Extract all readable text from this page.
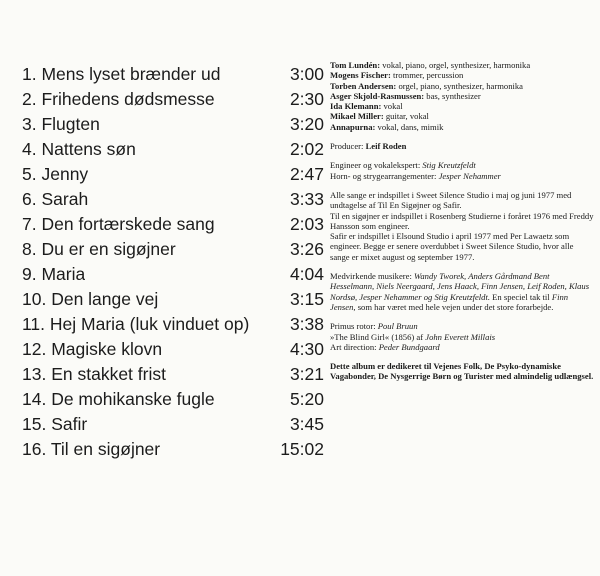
1. Mens lyset brænder ud	3:00
2. Frihedens dødsmesse	2:30
3. Flugten	3:20
4. Nattens søn	2:02
5. Jenny	2:47
6. Sarah	3:33
7. Den fortærskede sang	2:03
8. Du er en sigøjner	3:26
9. Maria	4:04
10. Den lange vej	3:15
11. Hej Maria (luk vinduet op) 3:38
12. Magiske klovn	4:30
13. En stakket frist	3:21
14. De mohikanske fugle	5:20
15. Safir	3:45
16. Til en sigøjner	15:02
Tom Lundén: vokal, piano, orgel, synthesizer, harmonika
Mogens Fischer: trommer, percussion
Torben Andersen: orgel, piano, synthesizer, harmonika
Asger Skjold-Rasmussen: bas, synthesizer
Ida Klemann: vokal
Mikael Miller: guitar, vokal
Annapurna: vokal, dans, mimik
Producer: Leif Roden
Engineer og vokalekspert: Stig Kreutzfeldt
Horn- og strygearrangementer: Jesper Nehammer

Alle sange er indspillet i Sweet Silence Studio i maj og juni 1977 med undtagelse af Til En Sigøjner og Safir.

Til en sigøjner er indspillet i Rosenberg Studierne i foråret 1976 med Freddy Hansson som engineer.

Safir er indspillet i Elsound Studio i april 1977 med Per Lawaetz som engineer. Begge er senere overdubbet i Sweet Silence Studio, hvor alle sange er mixet august og september 1977.

Medvirkende musikere: Wandy Tworek, Anders Gårdmand Bent Hesselmann, Niels Neergaard, Jens Haack, Finn Jensen, Leif Roden, Klaus Nordsø, Jesper Nehammer og Stig Kreutzfeldt. En speciel tak til Finn Jensen, som har været med hele vejen under det store forarbejde.
Primus rotor: Poul Bruun
»The Blind Girl« (1856) af John Everett Millais
Art direction: Peder Bundgaard
Dette album er dedikeret til Vejenes Folk, De Psyko-dynamiske Vagabonder, De Nysgerrige Børn og Turister med almindelig udlængsel.
